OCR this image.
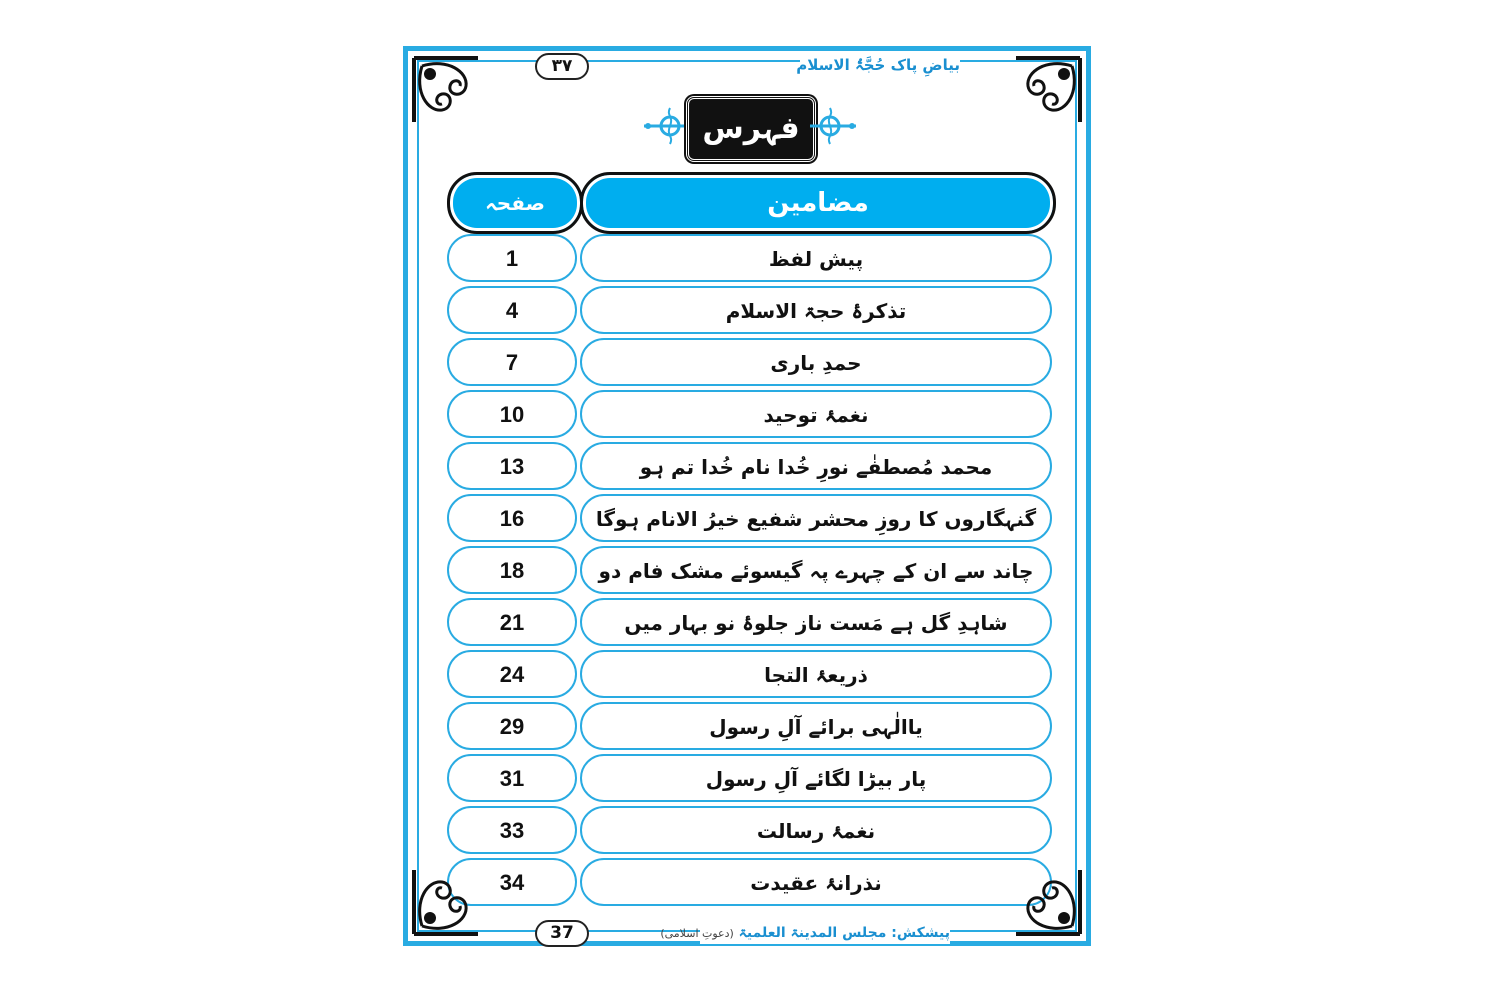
۳۷	بیاضِ پاک حُجَّۃُ الاسلام
فہرس
مضامین
صفحہ
پیش لفظ
1
تذکرۂ حجۃ الاسلام
4
حمدِ باری
7
نغمۂ توحید
10
محمد مُصطفٰے نورِ خُدا نام خُدا تم ہو
13
گنہگاروں کا روزِ محشر شفیع خیرُ الانام ہوگا
16
چاند سے ان کے چہرے پہ گیسوئے مشک فام دو
18
شاہدِ گل ہے مَست ناز جلوۂ نو بہار میں
21
ذریعۂ التجا
24
یاالٰہی برائے آلِ رسول
29
پار بیڑا لگائے آلِ رسول
31
نغمۂ رسالت
33
نذرانۂ عقیدت
34
37	پیشکش: مجلس المدینۃ العلمیۃ (دعوتِ اسلامی)
